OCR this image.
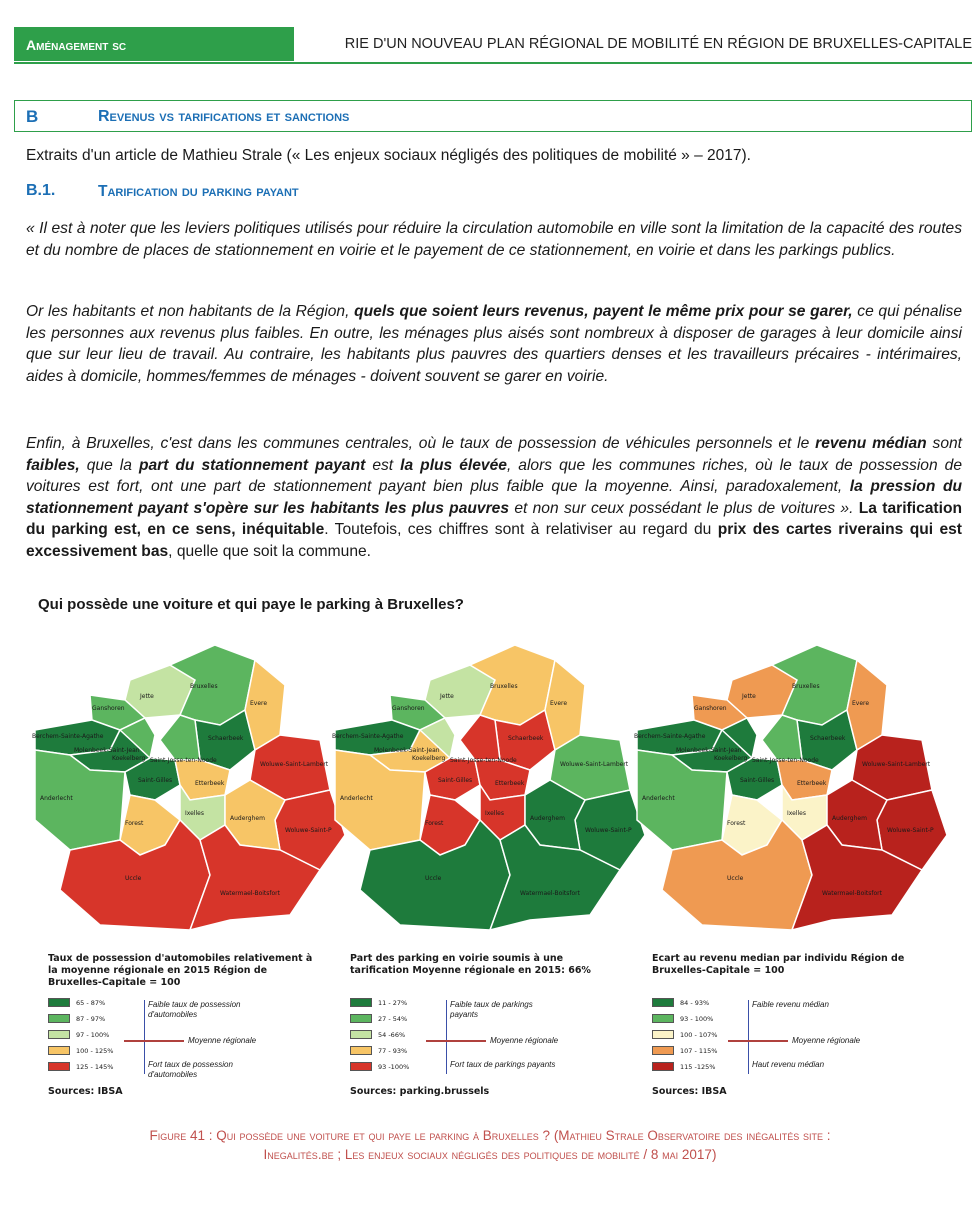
Aménagement sc	RIE D'UN NOUVEAU PLAN RÉGIONAL DE MOBILITÉ EN RÉGION DE BRUXELLES-CAPITALE
B	Revenus vs tarifications et sanctions
Extraits d'un article de Mathieu Strale (« Les enjeux sociaux négligés des politiques de mobilité » – 2017).
B.1.	Tarification du parking payant

« Il est à noter que les leviers politiques utilisés pour réduire la circulation automobile en ville sont la limitation de la capacité des routes et du nombre de places de stationnement en voirie et le payement de ce stationnement, en voirie et dans les parkings publics.

Or les habitants et non habitants de la Région, quels que soient leurs revenus, payent le même prix pour se garer, ce qui pénalise les personnes aux revenus plus faibles. En outre, les ménages plus aisés sont nombreux à disposer de garages à leur domicile ainsi que sur leur lieu de travail. Au contraire, les habitants plus pauvres des quartiers denses et les travailleurs précaires - intérimaires, aides à domicile, hommes/femmes de ménages - doivent souvent se garer en voirie.

Enfin, à Bruxelles, c'est dans les communes centrales, où le taux de possession de véhicules personnels et le revenu médian sont faibles, que la part du stationnement payant est la plus élevée, alors que les communes riches, où le taux de possession de voitures est fort, ont une part de stationnement payant bien plus faible que la moyenne. Ainsi, paradoxalement, la pression du stationnement payant s'opère sur les habitants les plus pauvres et non sur ceux possédant le plus de voitures ». La tarification du parking est, en ce sens, inéquitable. Toutefois, ces chiffres sont à relativiser au regard du prix des cartes riverains qui est excessivement bas, quelle que soit la commune.

Qui possède une voiture et qui paye le parking à Bruxelles?
Jette
Bruxelles
Ganshoren
Berchem-Sainte-Agathe
Molenbeek-Saint-Jean
Koekelberg
Schaerbeek
Evere
Saint-Josse-ten-Noode
Woluwe-Saint-Lambert
Anderlecht
Saint-Gilles	Etterbeek
Woluwe-Saint-P
Ixelles
Forest
Auderghem
Uccle
Watermael-Boitsfort
Jette
Bruxelles
Ganshoren
Berchem-Sainte-Agathe
Molenbeek-Saint-Jean
Koekelberg
Schaerbeek
Evere
Saint-Josse-ten-Noode
Woluwe-Saint-Lambert
Anderlecht
Saint-Gilles	Etterbeek
Woluwe-Saint-P
Ixelles
Forest
Auderghem
Uccle
Watermael-Boitsfort
Jette
Bruxelles
Ganshoren
Berchem-Sainte-Agathe
Molenbeek-Saint-Jean
Koekelberg
Schaerbeek
Evere
Saint-Josse-ten-Noode
Woluwe-Saint-Lambert
Anderlecht
Saint-Gilles	Etterbeek
Woluwe-Saint-P
Ixelles
Forest
Auderghem
Uccle
Watermael-Boitsfort
Taux de possession d'automobiles relativement à la moyenne régionale en 2015 Région de Bruxelles-Capitale = 100
65 - 87%
87 - 97%
97 - 100%
100 - 125%
125 - 145%
Faible taux de possession d'automobiles
Moyenne régionale
Fort taux de possession d'automobiles
Sources: IBSA
Part des parking en voirie soumis à une tarification Moyenne régionale en 2015: 66%
11 - 27%
27 - 54%
54 -66%
77 - 93%
93 -100%
Faible taux de parkings payants
Moyenne régionale
Fort taux de parkings payants
Sources: parking.brussels
Ecart au revenu median par individu Région de Bruxelles-Capitale = 100
84 - 93%
93 - 100%
100 - 107%
107 - 115%
115 -125%
Faible revenu médian
Moyenne régionale
Haut revenu médian
Sources: IBSA
Figure 41 : Qui possède une voiture et qui paye le parking à Bruxelles ? (Mathieu Strale Observatoire des inégalités site :
Inegalités.be ; Les enjeux sociaux négligés des politiques de mobilité / 8 mai 2017)
